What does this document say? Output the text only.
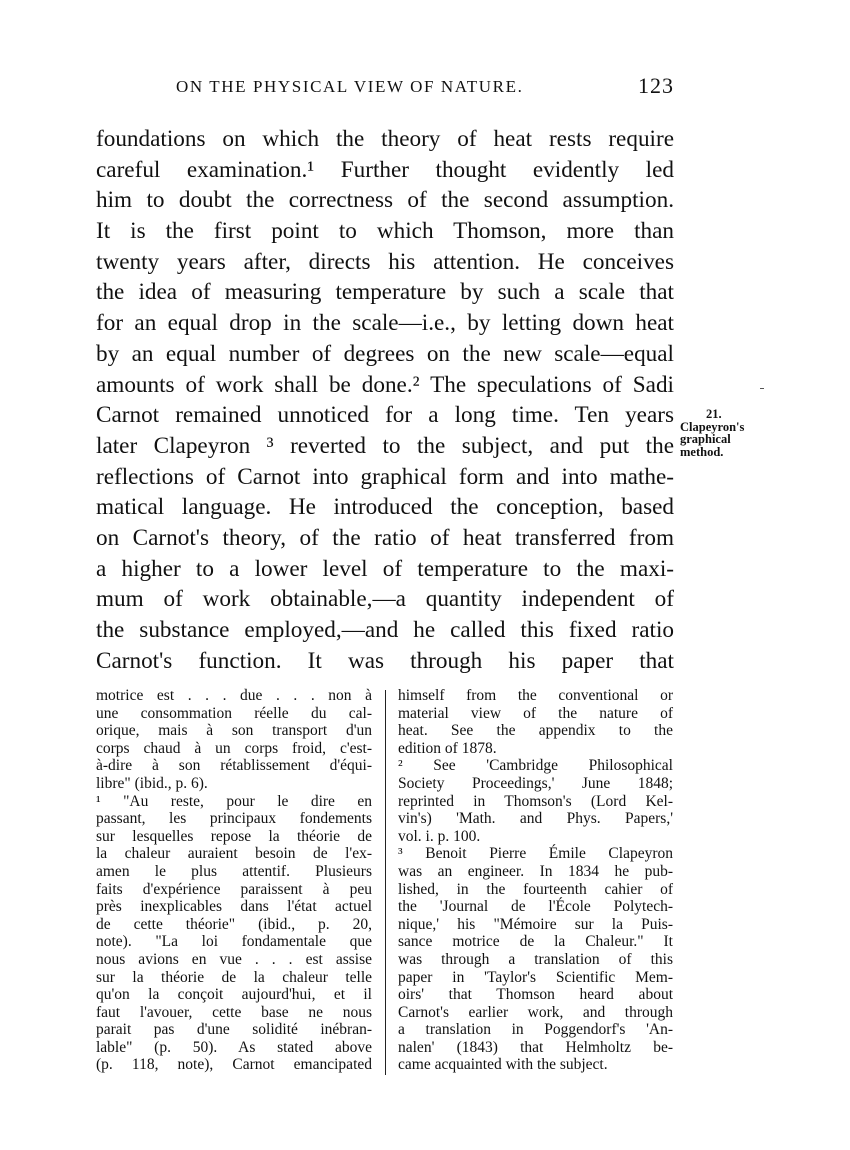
ON THE PHYSICAL VIEW OF NATURE.	123
foundations on which the theory of heat rests require
careful examination.¹ Further thought evidently led
him to doubt the correctness of the second assumption.
It is the first point to which Thomson, more than
twenty years after, directs his attention. He conceives
the idea of measuring temperature by such a scale that
for an equal drop in the scale—i.e., by letting down heat
by an equal number of degrees on the new scale—equal
amounts of work shall be done.² The speculations of Sadi
Carnot remained unnoticed for a long time. Ten years
later Clapeyron ³ reverted to the subject, and put the
reflections of Carnot into graphical form and into mathe-
matical language. He introduced the conception, based
on Carnot's theory, of the ratio of heat transferred from
a higher to a lower level of temperature to the maxi-
mum of work obtainable,—a quantity independent of
the substance employed,—and he called this fixed ratio
Carnot's function. It was through his paper that
21.
Clapeyron's
graphical
method.
motrice est . . . due . . . non à
une consommation réelle du cal-
orique, mais à son transport d'un
corps chaud à un corps froid, c'est-
à-dire à son rétablissement d'équi-
libre" (ibid., p. 6).
¹ "Au reste, pour le dire en
passant, les principaux fondements
sur lesquelles repose la théorie de
la chaleur auraient besoin de l'ex-
amen le plus attentif. Plusieurs
faits d'expérience paraissent à peu
près inexplicables dans l'état actuel
de cette théorie" (ibid., p. 20,
note). "La loi fondamentale que
nous avions en vue . . . est assise
sur la théorie de la chaleur telle
qu'on la conçoit aujourd'hui, et il
faut l'avouer, cette base ne nous
parait pas d'une solidité inébran-
lable" (p. 50). As stated above
(p. 118, note), Carnot emancipated
himself from the conventional or
material view of the nature of
heat. See the appendix to the
edition of 1878.
² See 'Cambridge Philosophical
Society Proceedings,' June 1848;
reprinted in Thomson's (Lord Kel-
vin's) 'Math. and Phys. Papers,'
vol. i. p. 100.
³ Benoit Pierre Émile Clapeyron
was an engineer. In 1834 he pub-
lished, in the fourteenth cahier of
the 'Journal de l'École Polytech-
nique,' his "Mémoire sur la Puis-
sance motrice de la Chaleur." It
was through a translation of this
paper in 'Taylor's Scientific Mem-
oirs' that Thomson heard about
Carnot's earlier work, and through
a translation in Poggendorf's 'An-
nalen' (1843) that Helmholtz be-
came acquainted with the subject.
